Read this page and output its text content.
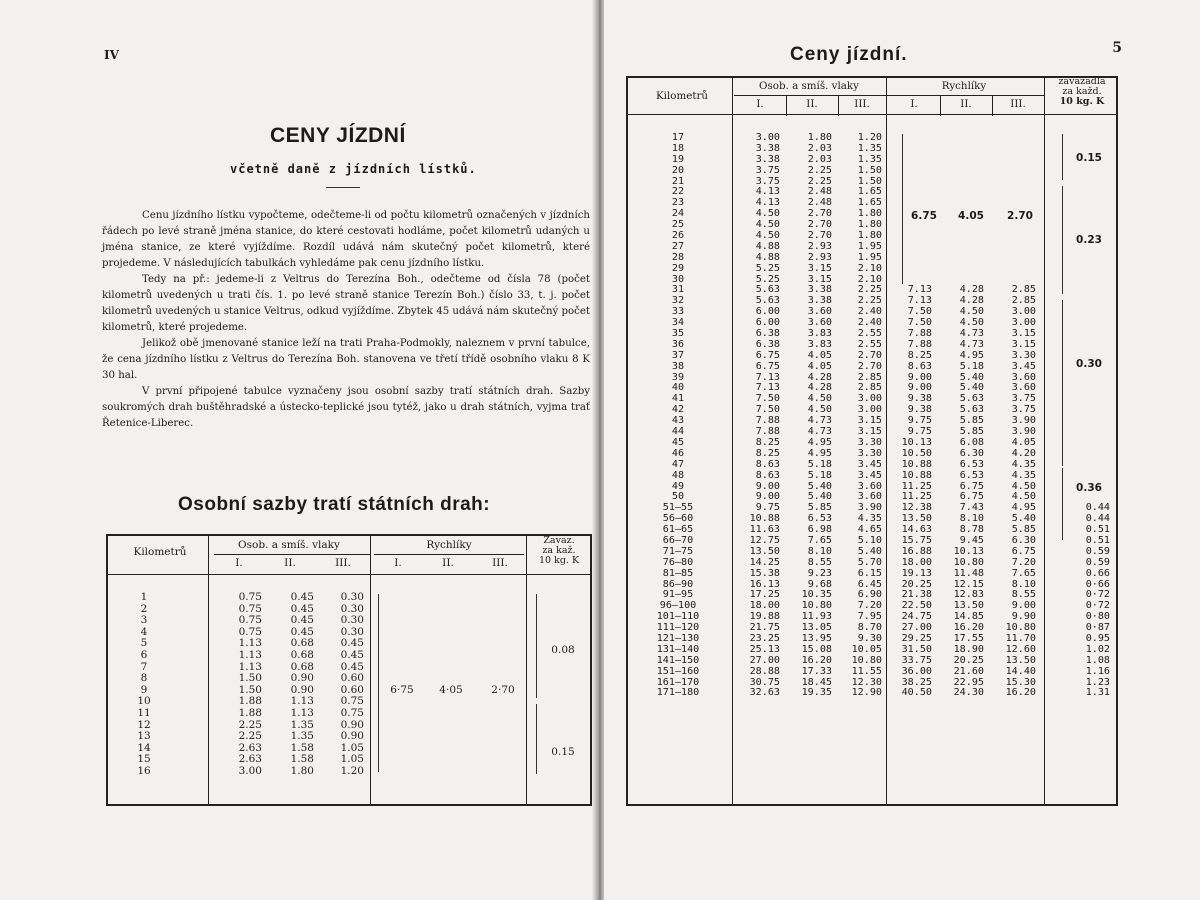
IV
CENY JÍZDNÍ
včetně daně z jízdních lístků.

Cenu jízdního lístku vypočteme, odečteme-li od počtu kilometrů označených v jízdních řádech po levé straně jména stanice, do které cestovati hodláme, počet kilometrů udaných u jména stanice, ze které vyjíždíme. Rozdíl udává nám skutečný počet kilometrů, které projedeme. V následujících tabulkách vyhledáme pak cenu jízdního lístku.

Tedy na př.: jedeme-li z Veltrus do Terezína Boh., odečteme od čísla 78 (počet kilometrů uvedených u trati čís. 1. po levé straně stanice Terezín Boh.) číslo 33, t. j. počet kilometrů uvedených u stanice Veltrus, odkud vyjíždíme. Zbytek 45 udává nám skutečný počet kilometrů, které projedeme.

Jelikož obě jmenované stanice leží na trati Praha-Podmokly, naleznem v první tabulce, že cena jízdního lístku z Veltrus do Terezína Boh. stanovena ve třetí třídě osobního vlaku 8 K 30 hal.

V první připojené tabulce vyznačeny jsou osobní sazby tratí státních drah. Sazby soukromých drah buštěhradské a ústecko-teplické jsou tytéž, jako u drah státních, vyjma trať Řetenice-Liberec.

Osobní sazby tratí státních drah:
Kilometrů
Osob. a smíš. vlaky	Rychlíky	Zavaz.
za kaž.
10 kg. K
I.	II.	III.	I.	II.	III.
1	0.75	0.45	0.30
2	0.75	0.45	0.30
3	0.75	0.45	0.30
4	0.75	0.45	0.30
5	1.13	0.68	0.45
6	1.13	0.68	0.45
7	1.13	0.68	0.45
8	1.50	0.90	0.60
9	1.50	0.90	0.60
10	1.88	1.13	0.75
11	1.88	1.13	0.75
12	2.25	1.35	0.90
13	2.25	1.35	0.90
14	2.63	1.58	1.05
15	2.63	1.58	1.05
16	3.00	1.80	1.20
6·75	4·05	2·70
0.08
0.15
5
Ceny jízdní.
Kilometrů
Osob. a smíš. vlaky	Rychlíky	zavazadla
za každ.
10 kg. K
I.	II.	III.	I.	II.	III.
17	3.00	1.80	1.20
18	3.38	2.03	1.35
19	3.38	2.03	1.35
20	3.75	2.25	1.50
21	3.75	2.25	1.50
22	4.13	2.48	1.65
23	4.13	2.48	1.65
24	4.50	2.70	1.80
25	4.50	2.70	1.80
26	4.50	2.70	1.80
27	4.88	2.93	1.95
28	4.88	2.93	1.95
29	5.25	3.15	2.10
30	5.25	3.15	2.10
31	5.63	3.38	2.25	7.13	4.28	2.85
32	5.63	3.38	2.25	7.13	4.28	2.85
33	6.00	3.60	2.40	7.50	4.50	3.00
34	6.00	3.60	2.40	7.50	4.50	3.00
35	6.38	3.83	2.55	7.88	4.73	3.15
36	6.38	3.83	2.55	7.88	4.73	3.15
37	6.75	4.05	2.70	8.25	4.95	3.30
38	6.75	4.05	2.70	8.63	5.18	3.45
39	7.13	4.28	2.85	9.00	5.40	3.60
40	7.13	4.28	2.85	9.00	5.40	3.60
41	7.50	4.50	3.00	9.38	5.63	3.75
42	7.50	4.50	3.00	9.38	5.63	3.75
43	7.88	4.73	3.15	9.75	5.85	3.90
44	7.88	4.73	3.15	9.75	5.85	3.90
45	8.25	4.95	3.30	10.13	6.08	4.05
46	8.25	4.95	3.30	10.50	6.30	4.20
47	8.63	5.18	3.45	10.88	6.53	4.35
48	8.63	5.18	3.45	10.88	6.53	4.35
49	9.00	5.40	3.60	11.25	6.75	4.50
50	9.00	5.40	3.60	11.25	6.75	4.50
51—55	9.75	5.85	3.90	12.38	7.43	4.95	0.44
56—60	10.88	6.53	4.35	13.50	8.10	5.40	0.44
61—65	11.63	6.98	4.65	14.63	8.78	5.85	0.51
66—70	12.75	7.65	5.10	15.75	9.45	6.30	0.51
71—75	13.50	8.10	5.40	16.88	10.13	6.75	0.59
76—80	14.25	8.55	5.70	18.00	10.80	7.20	0.59
81—85	15.38	9.23	6.15	19.13	11.48	7.65	0.66
86—90	16.13	9.68	6.45	20.25	12.15	8.10	0·66
91—95	17.25	10.35	6.90	21.38	12.83	8.55	0·72
96—100	18.00	10.80	7.20	22.50	13.50	9.00	0·72
101—110	19.88	11.93	7.95	24.75	14.85	9.90	0·80
111—120	21.75	13.05	8.70	27.00	16.20	10.80	0·87
121—130	23.25	13.95	9.30	29.25	17.55	11.70	0.95
131—140	25.13	15.08	10.05	31.50	18.90	12.60	1.02
141—150	27.00	16.20	10.80	33.75	20.25	13.50	1.08
151—160	28.88	17.33	11.55	36.00	21.60	14.40	1.16
161—170	30.75	18.45	12.30	38.25	22.95	15.30	1.23
171—180	32.63	19.35	12.90	40.50	24.30	16.20	1.31
6.75	4.05	2.70
0.15
0.23
0.30
0.36
